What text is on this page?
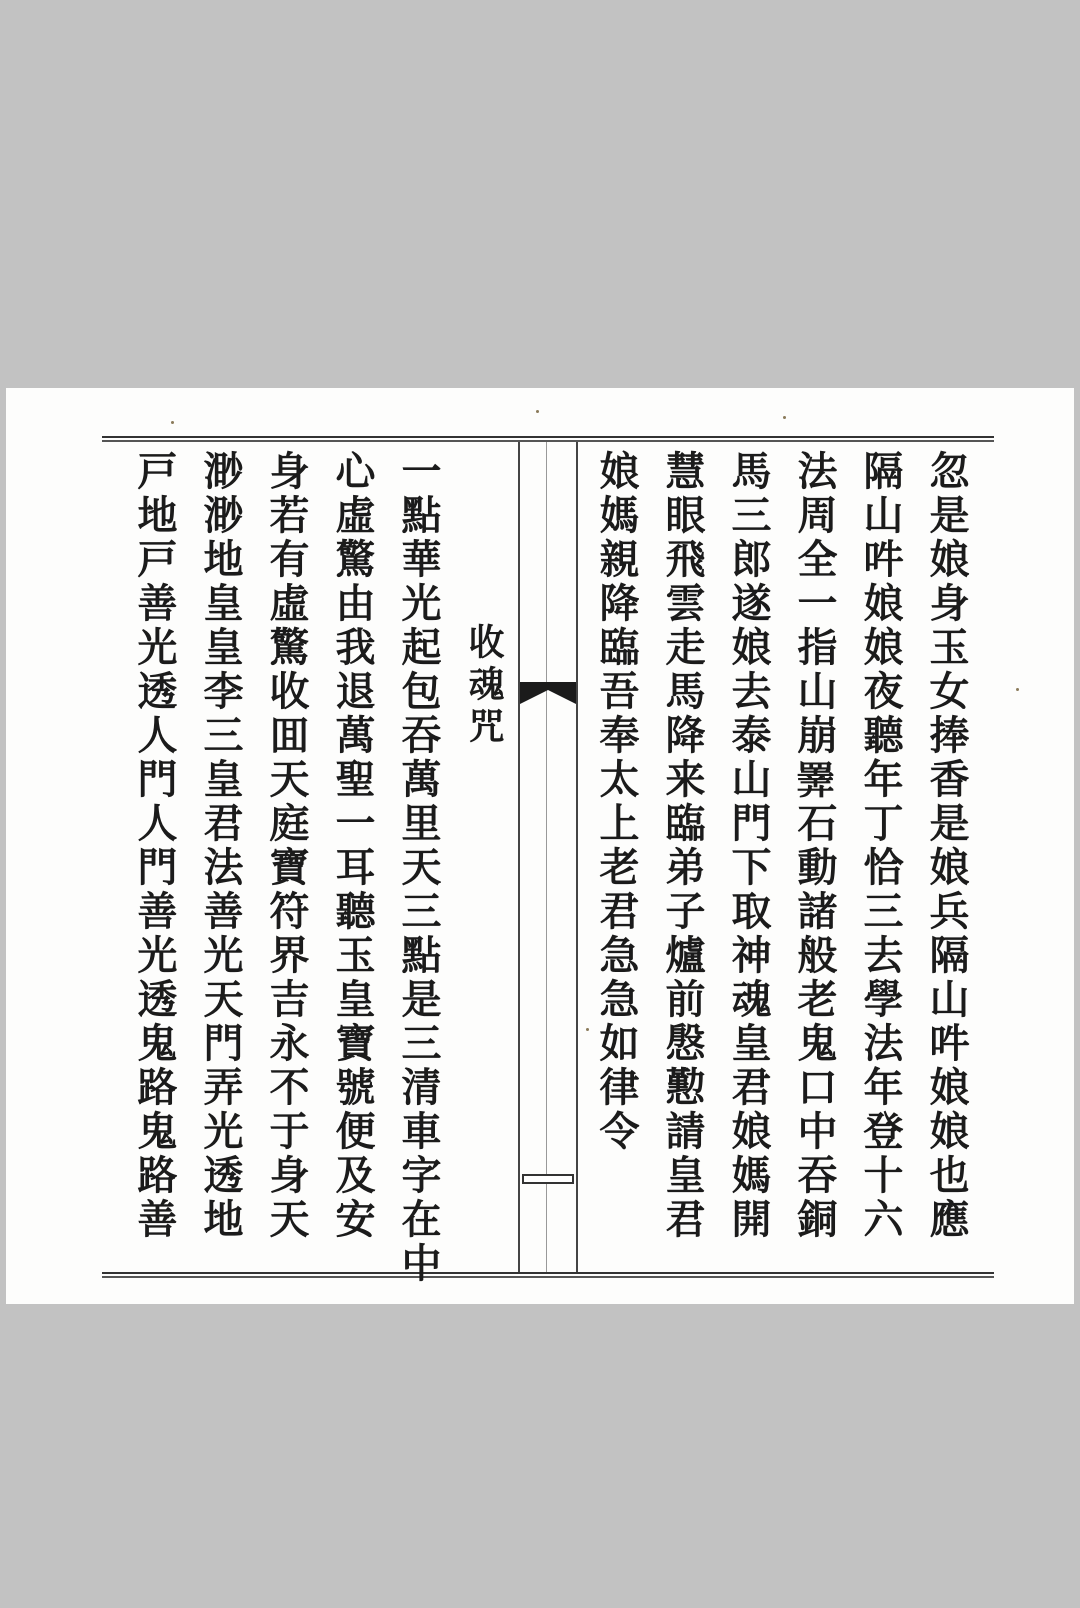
忽是娘身玉女捧香是娘兵隔山吽娘娘也應
隔山吽娘娘夜聽年丁恰三去學法年登十六
法周全一指山崩𢍰石動諸般老鬼口中吞銅
馬三郎遂娘去泰山門下取神魂皇君娘媽開
慧眼飛雲走馬降来臨弟子爐前慇懃請皇君
娘媽親降臨吾奉太上老君急急如律令
收魂咒
一點華光起包吞萬里天三點是三清車字在中
心虛驚由我退萬聖一耳聽玉皇寶號便及安
身若有虛驚收囬天庭寶符界吉永不于身天
渺渺地皇皇李三皇君法善光天門弄光透地
戸地戸善光透人門人門善光透鬼路鬼路善
